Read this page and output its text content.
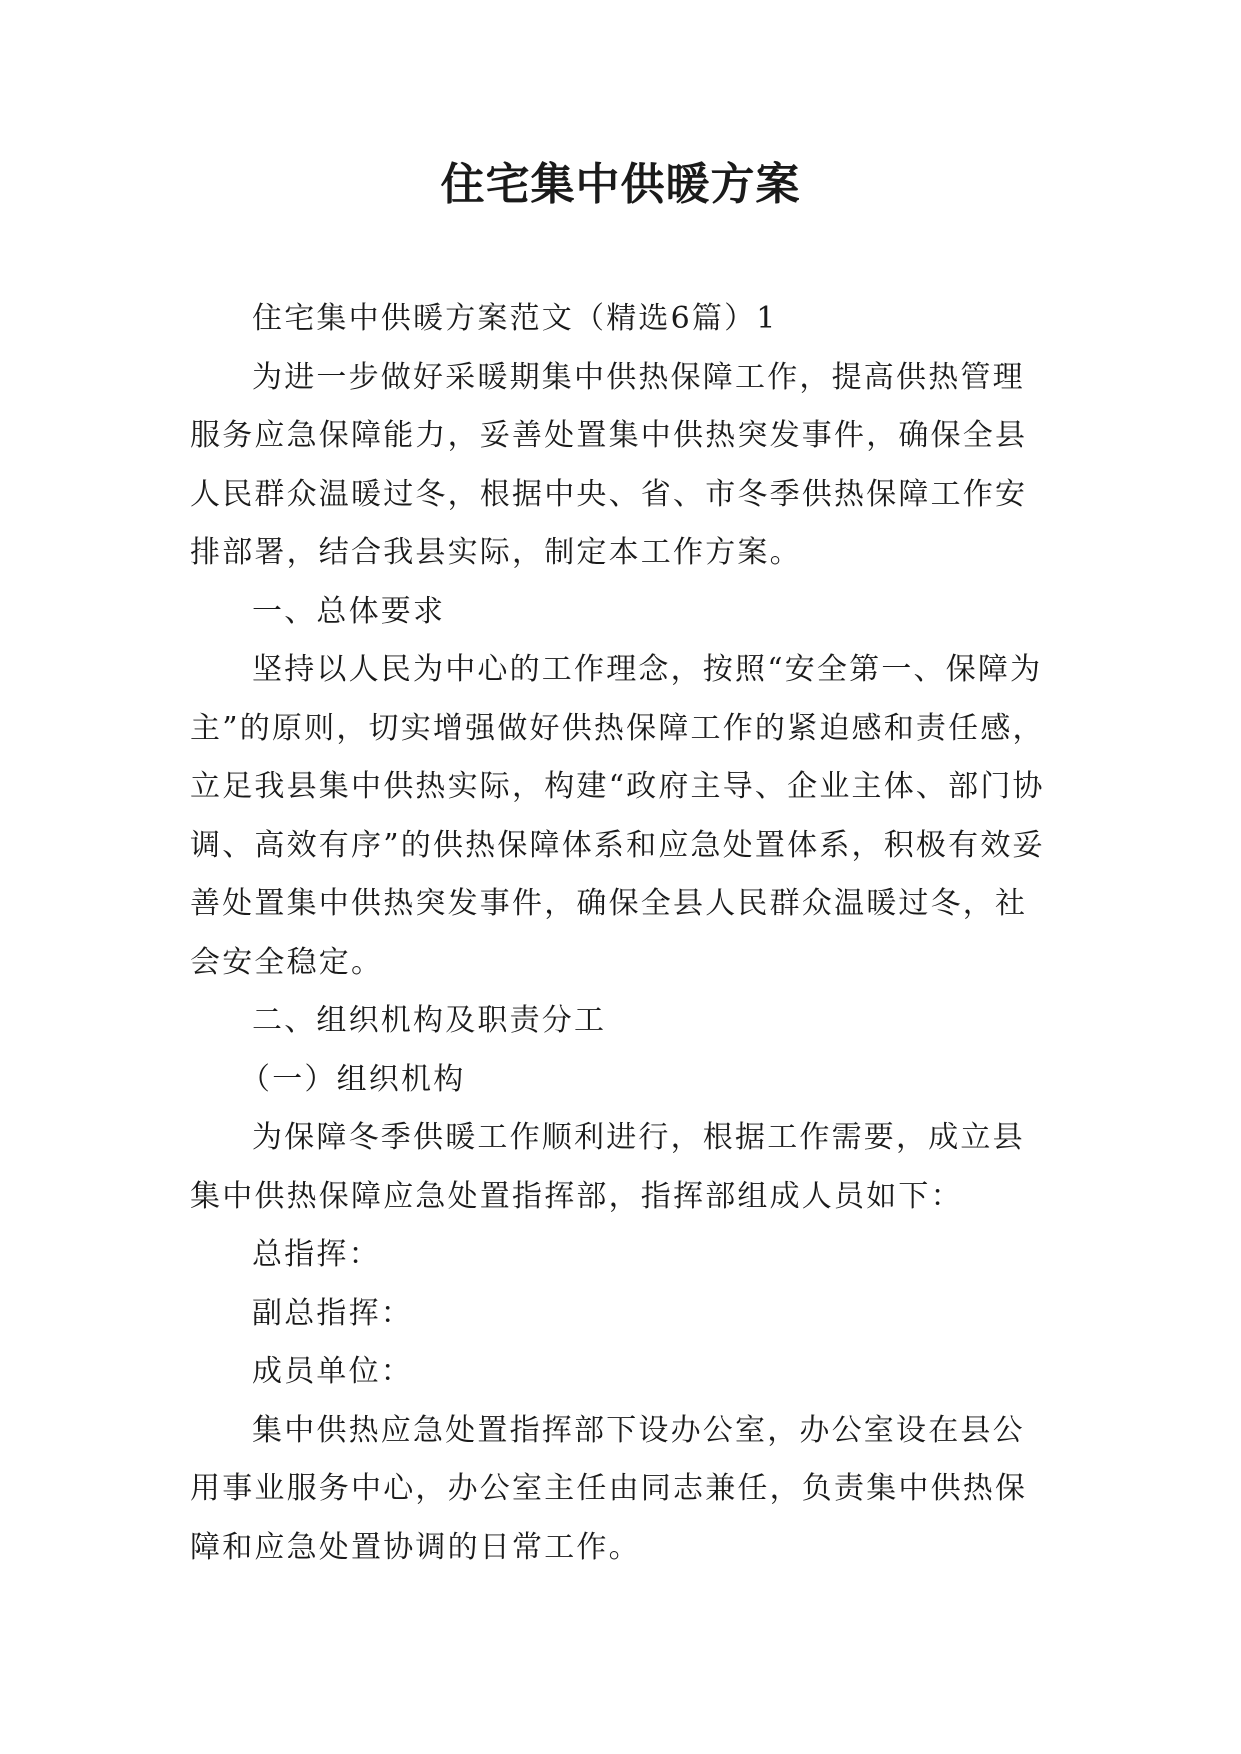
住宅集中供暖方案

住宅集中供暖方案范文（精选6篇）1

为进一步做好采暖期集中供热保障工作，提高供热管理服务应急保障能力，妥善处置集中供热突发事件，确保全县人民群众温暖过冬，根据中央、省、市冬季供热保障工作安排部署，结合我县实际，制定本工作方案。

一、总体要求

坚持以人民为中心的工作理念，按照“安全第一、保障为主”的原则，切实增强做好供热保障工作的紧迫感和责任感，立足我县集中供热实际，构建“政府主导、企业主体、部门协调、高效有序”的供热保障体系和应急处置体系，积极有效妥善处置集中供热突发事件，确保全县人民群众温暖过冬，社会安全稳定。

二、组织机构及职责分工

（一）组织机构

为保障冬季供暖工作顺利进行，根据工作需要，成立县集中供热保障应急处置指挥部，指挥部组成人员如下：

总指挥：

副总指挥：

成员单位：

集中供热应急处置指挥部下设办公室，办公室设在县公用事业服务中心，办公室主任由同志兼任，负责集中供热保障和应急处置协调的日常工作。
